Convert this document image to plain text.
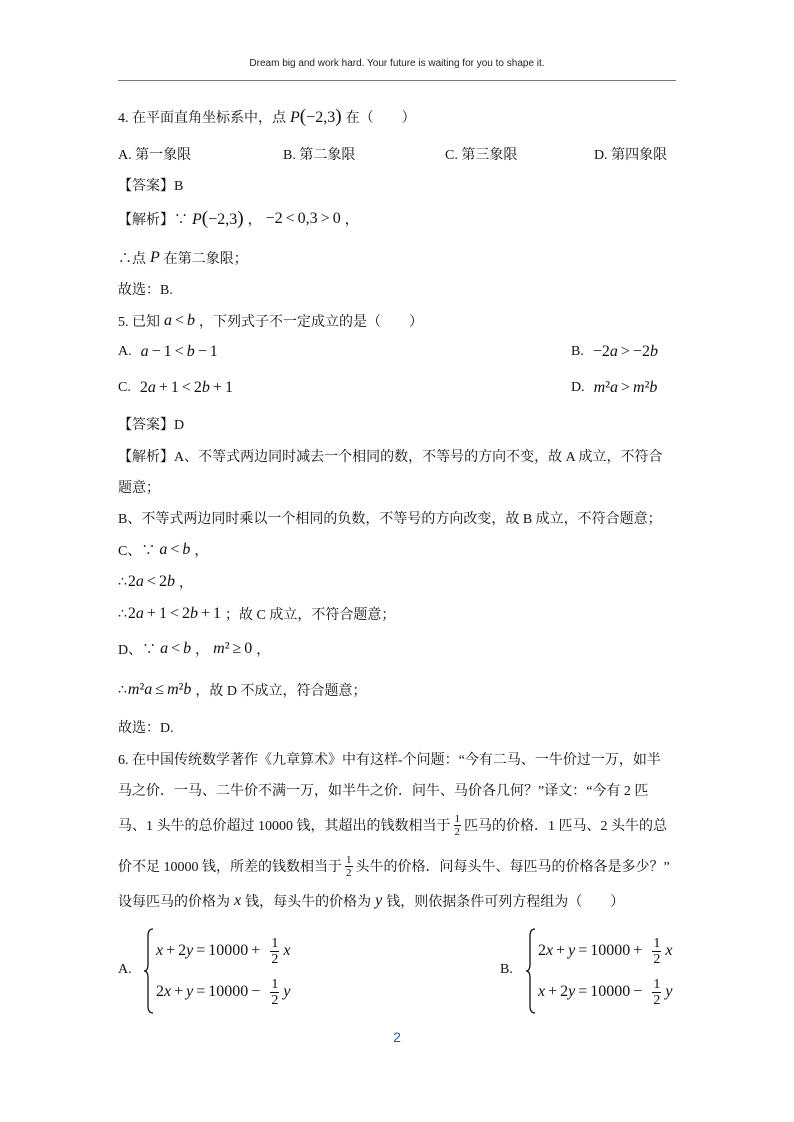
Dream big and work hard. Your future is waiting for you to shape it.
4. 在平面直角坐标系中，点 P(−2,3) 在（　　）
A. 第一象限	B. 第二象限	C. 第三象限	D. 第四象限
【答案】B
【解析】∵ P(−2,3) ， −2 < 0,3 > 0 ，
∴点 P 在第二象限；
故选：B.
5. 已知 a < b ，下列式子不一定成立的是（　　）
A. a − 1 < b − 1	B. −2a > −2b
C. 2a + 1 < 2b + 1	D. m²a > m²b
【答案】D
【解析】A、不等式两边同时减去一个相同的数，不等号的方向不变，故 A 成立，不符合
题意；
B、不等式两边同时乘以一个相同的负数，不等号的方向改变，故 B 成立，不符合题意；
C、∵ a < b ，
∴ 2a < 2b ，
∴ 2a + 1 < 2b + 1 ；故 C 成立，不符合题意；
D、∵ a < b ， m² ≥ 0 ，
∴ m²a ≤ m²b ，故 D 不成立，符合题意；
故选：D.
6. 在中国传统数学著作《九章算术》中有这样-个问题：“今有二马、一牛价过一万，如半
马之价．一马、二牛价不满一万，如半牛之价．问牛、马价各几何？”译文：“今有 2 匹
马、1 头牛的总价超过 10000 钱，其超出的钱数相当于 $\frac{1}{2}$ 匹马的价格．1 匹马、2 头牛的总
价不足 10000 钱，所差的钱数相当于 $\frac{1}{2}$ 头牛的价格．问每头牛、每匹马的价格各是多少？”
设每匹马的价格为 x 钱，每头牛的价格为 y 钱，则依据条件可列方程组为（　　）
A.
$x + 2y = 10000 + \frac{1}{2}$ x
$2x + y = 10000 - \frac{1}{2}$ y
B.
$2x + y = 10000 + \frac{1}{2}$ x
$x + 2y = 10000 - \frac{1}{2}$ y
2
